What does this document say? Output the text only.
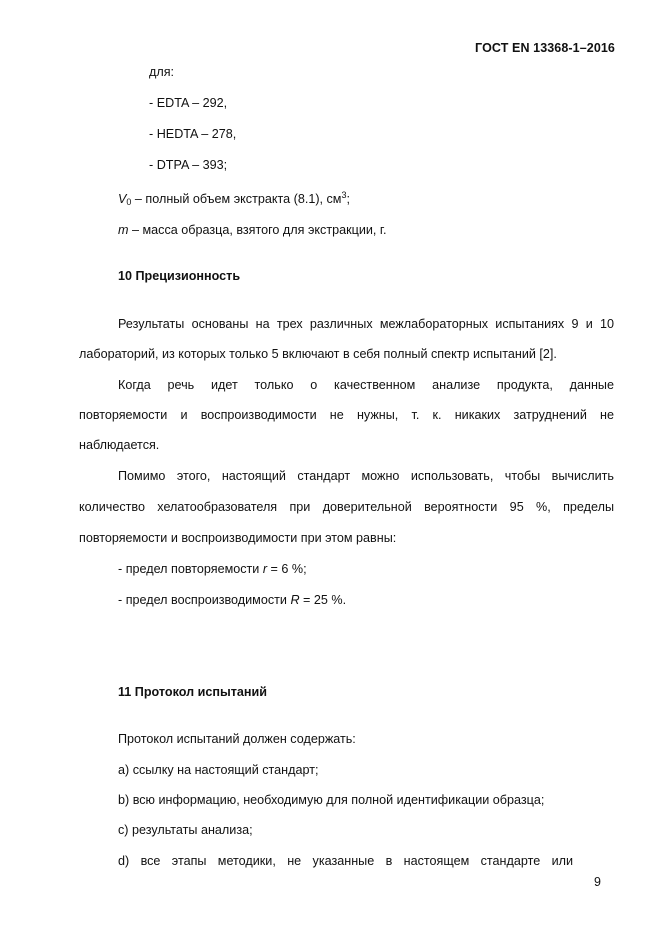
ГОСТ EN 13368-1–2016
для:
- EDTA – 292,
- HEDTA – 278,
- DTPA – 393;
$V_0$ – полный объем экстракта (8.1), $см^3$;
m – масса образца, взятого для экстракции, г.
10 Прецизионность
Результаты основаны на трех различных межлабораторных испытаниях 9 и 10
лабораторий, из которых только 5 включают в себя полный спектр испытаний [2].
Когда речь идет только о качественном анализе продукта, данные
повторяемости и воспроизводимости не нужны, т. к. никаких затруднений не
наблюдается.
Помимо этого, настоящий стандарт можно использовать, чтобы вычислить
количество хелатообразователя при доверительной вероятности 95 %, пределы
повторяемости и воспроизводимости при этом равны:
- предел повторяемости r = 6 %;
- предел воспроизводимости R = 25 %.
11 Протокол испытаний
Протокол испытаний должен содержать:
a) ссылку на настоящий стандарт;
b) всю информацию, необходимую для полной идентификации образца;
c) результаты анализа;
d) все этапы методики, не указанные в настоящем стандарте или
9
